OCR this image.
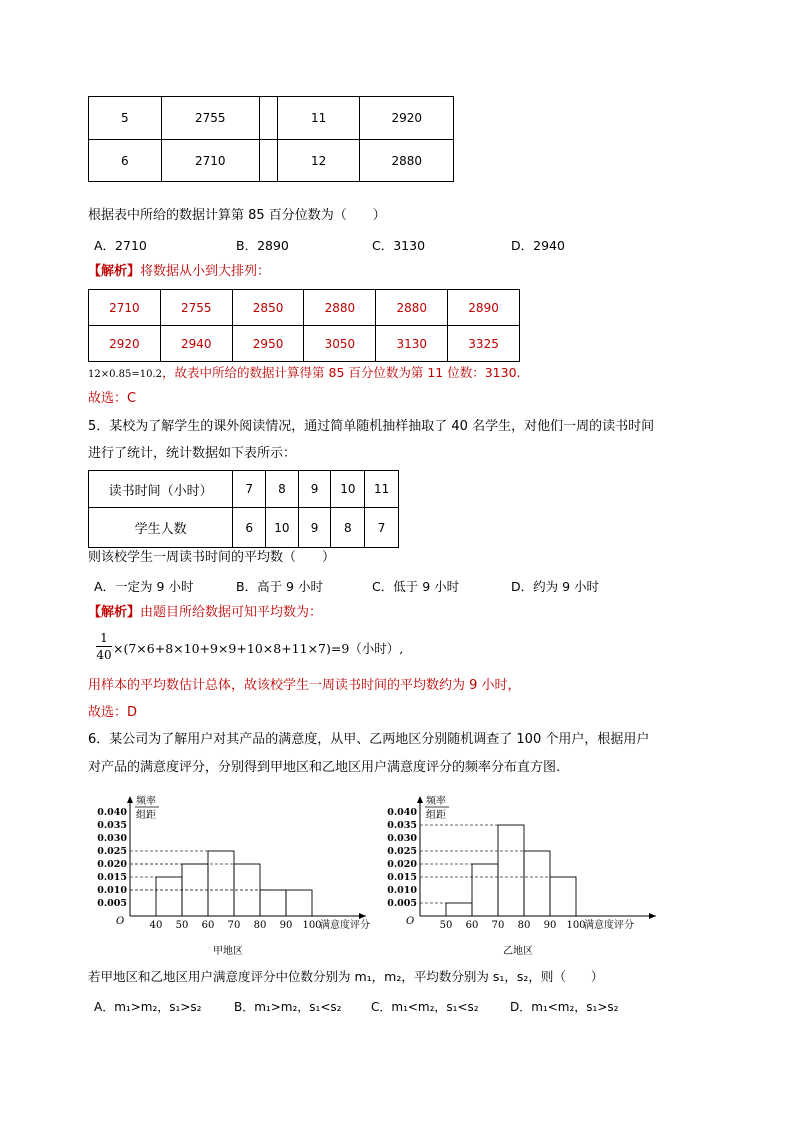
5	2755		11	2920
6	2710		12	2880
根据表中所给的数据计算第 85 百分位数为（　　）
A．2710	B．2890	C．3130	D．2940
【解析】将数据从小到大排列：
2710	2755	2850	2880	2880	2890
2920	2940	2950	3050	3130	3325
12×0.85=10.2，故表中所给的数据计算得第 85 百分位数为第 11 位数：3130.
故选：C
5．某校为了解学生的课外阅读情况，通过简单随机抽样抽取了 40 名学生，对他们一周的读书时间
进行了统计，统计数据如下表所示：
读书时间（小时）	7	8	9	10	11
学生人数	6	10	9	8	7
则该校学生一周读书时间的平均数（　　）
A．一定为 9 小时	B．高于 9 小时	C．低于 9 小时	D．约为 9 小时
【解析】由题目所给数据可知平均数为：
$\frac{1}{40} \times(7\times 6+8\times 10+9\times 9+10\times 8+11\times 7)=9$（小时）,
用样本的平均数估计总体，故该校学生一周读书时间的平均数约为 9 小时，
故选：D
6．某公司为了解用户对其产品的满意度，从甲、乙两地区分别随机调查了 100 个用户，根据用户
对产品的满意度评分，分别得到甲地区和乙地区用户满意度评分的频率分布直方图.
频率
组距
0.005
0.010
0.015
0.020
0.025
0.030
0.035
0.040
O	40 50 60 70 80 90 100
满意度评分
甲地区
频率
组距
0.005
0.010
0.015
0.020
0.025
0.030
0.035
0.040
O	50 60 70 80 90 100
满意度评分
乙地区
若甲地区和乙地区用户满意度评分中位数分别为 m₁，m₂，平均数分别为 s₁，s₂，则（　　）
A．m₁>m₂，s₁>s₂	B．m₁>m₂，s₁<s₂ C．m₁<m₂，s₁<s₂	D．m₁<m₂，s₁>s₂
